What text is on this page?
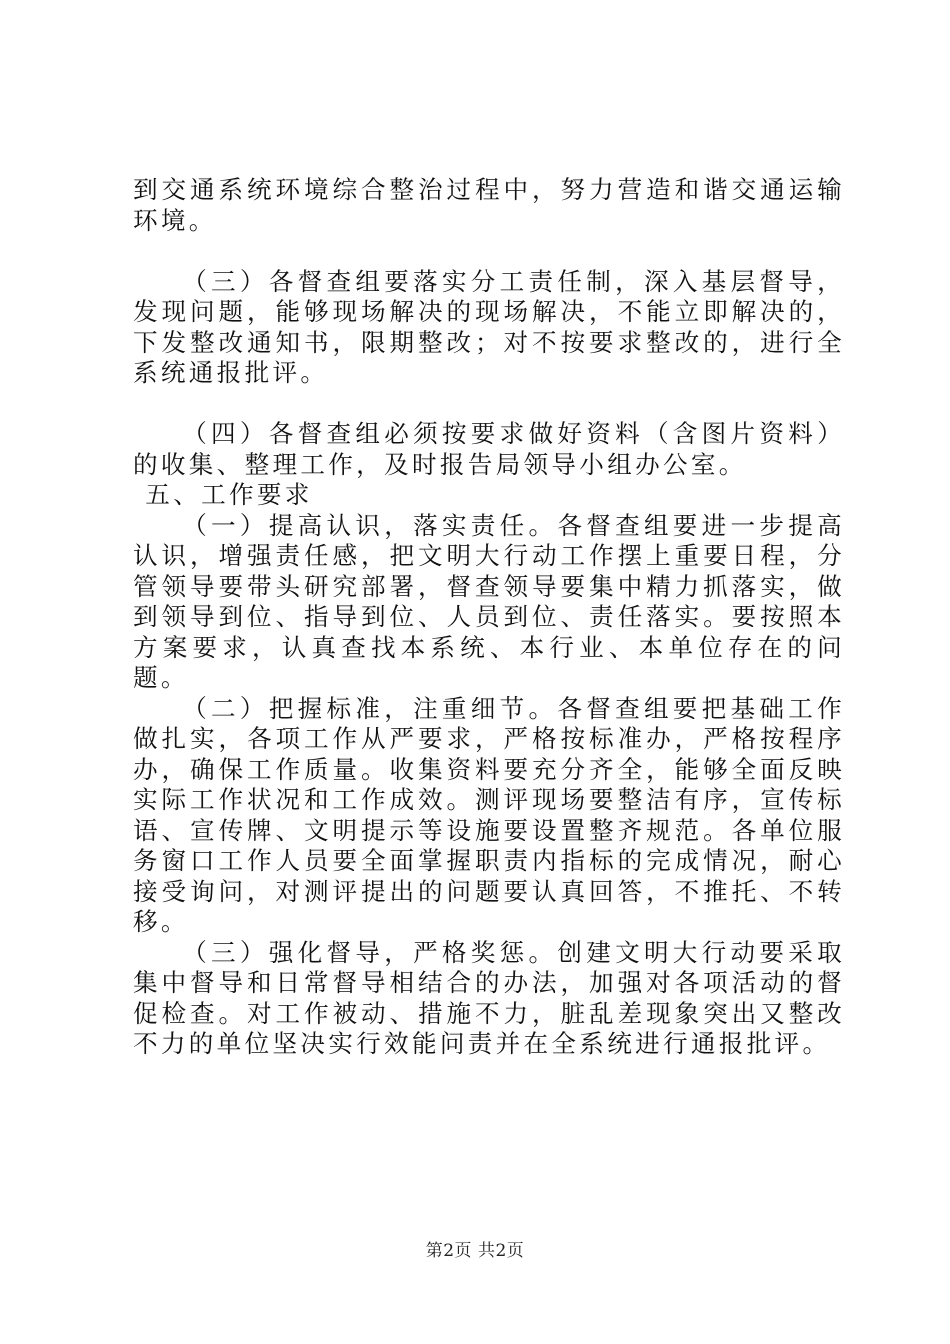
到交通系统环境综合整治过程中，努力营造和谐交通运输环境。

（三）各督查组要落实分工责任制，深入基层督导，发现问题，能够现场解决的现场解决，不能立即解决的，下发整改通知书，限期整改；对不按要求整改的，进行全系统通报批评。

（四）各督查组必须按要求做好资料（含图片资料）的收集、整理工作，及时报告局领导小组办公室。

五、工作要求

（一）提高认识，落实责任。各督查组要进一步提高认识，增强责任感，把文明大行动工作摆上重要日程，分管领导要带头研究部署，督查领导要集中精力抓落实，做到领导到位、指导到位、人员到位、责任落实。要按照本方案要求，认真查找本系统、本行业、本单位存在的问题。

（二）把握标准，注重细节。各督查组要把基础工作做扎实，各项工作从严要求，严格按标准办，严格按程序办，确保工作质量。收集资料要充分齐全，能够全面反映实际工作状况和工作成效。测评现场要整洁有序，宣传标语、宣传牌、文明提示等设施要设置整齐规范。各单位服务窗口工作人员要全面掌握职责内指标的完成情况，耐心接受询问，对测评提出的问题要认真回答，不推托、不转移。

（三）强化督导，严格奖惩。创建文明大行动要采取集中督导和日常督导相结合的办法，加强对各项活动的督促检查。对工作被动、措施不力，脏乱差现象突出又整改不力的单位坚决实行效能问责并在全系统进行通报批评。

第2页 共2页
